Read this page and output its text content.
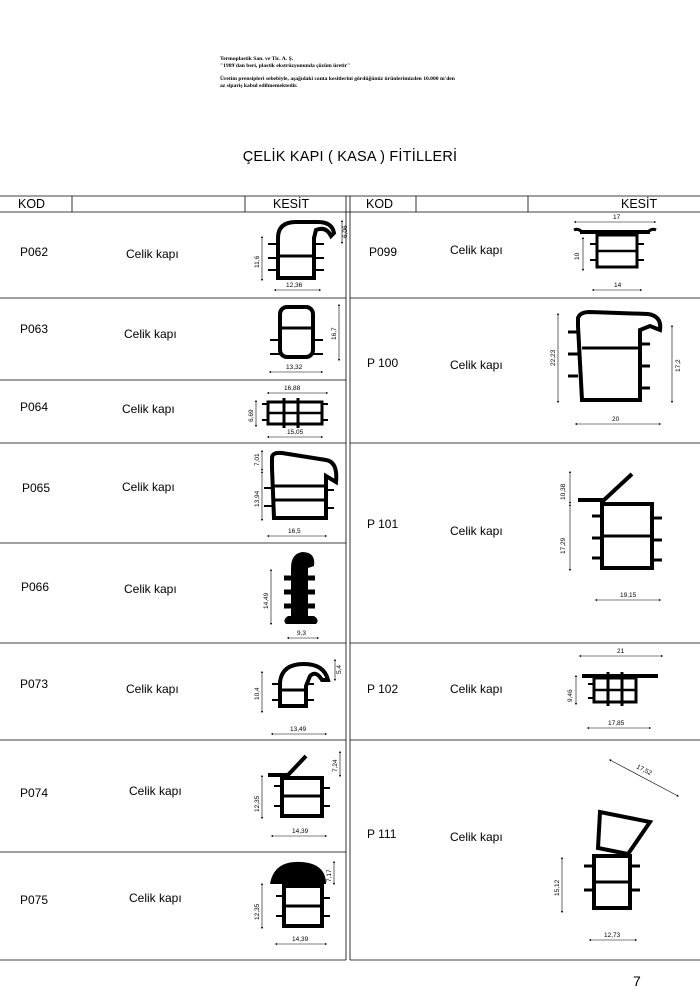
Termoplastik San. ve Tic. A. Ş.
"1989'dan beri, plastik ekstrüzyonunda çözüm üretir"
Üretim prensipleri sebebiyle, aşağıdaki conta kesitlerini gördüğünüz ürünlerimizden 10.000 m'den
az sipariş kabul edilmemektedir.
ÇELİK KAPI ( KASA ) FİTİLLERİ
KOD	KESİT	KOD	KESİT
P062	Celik kapı
P063	Celik kapı
P064	Celik kapı
P065	Celik kapı
P066	Celik kapı
P073	Celik kapı
P074	Celik kapı
P075	Celik kapı
P099	Celik kapı
P 100	Celik kapı
P 101	Celik kapı
P 102	Celik kapı
P 111	Celik kapı
11,6
6,06
12,36
16,7
13,32
16,88
6,69
15,05
7,01
13,94
16,5
14,49
9,3
5,4
10,4
13,49
7,24
12,35
14,39
7,17
12,35
14,39
17
10
14
22,23	17,2
20
10,38
17,29
19,15
21
9,46
17,85
17,52
15,12
12,73
7
